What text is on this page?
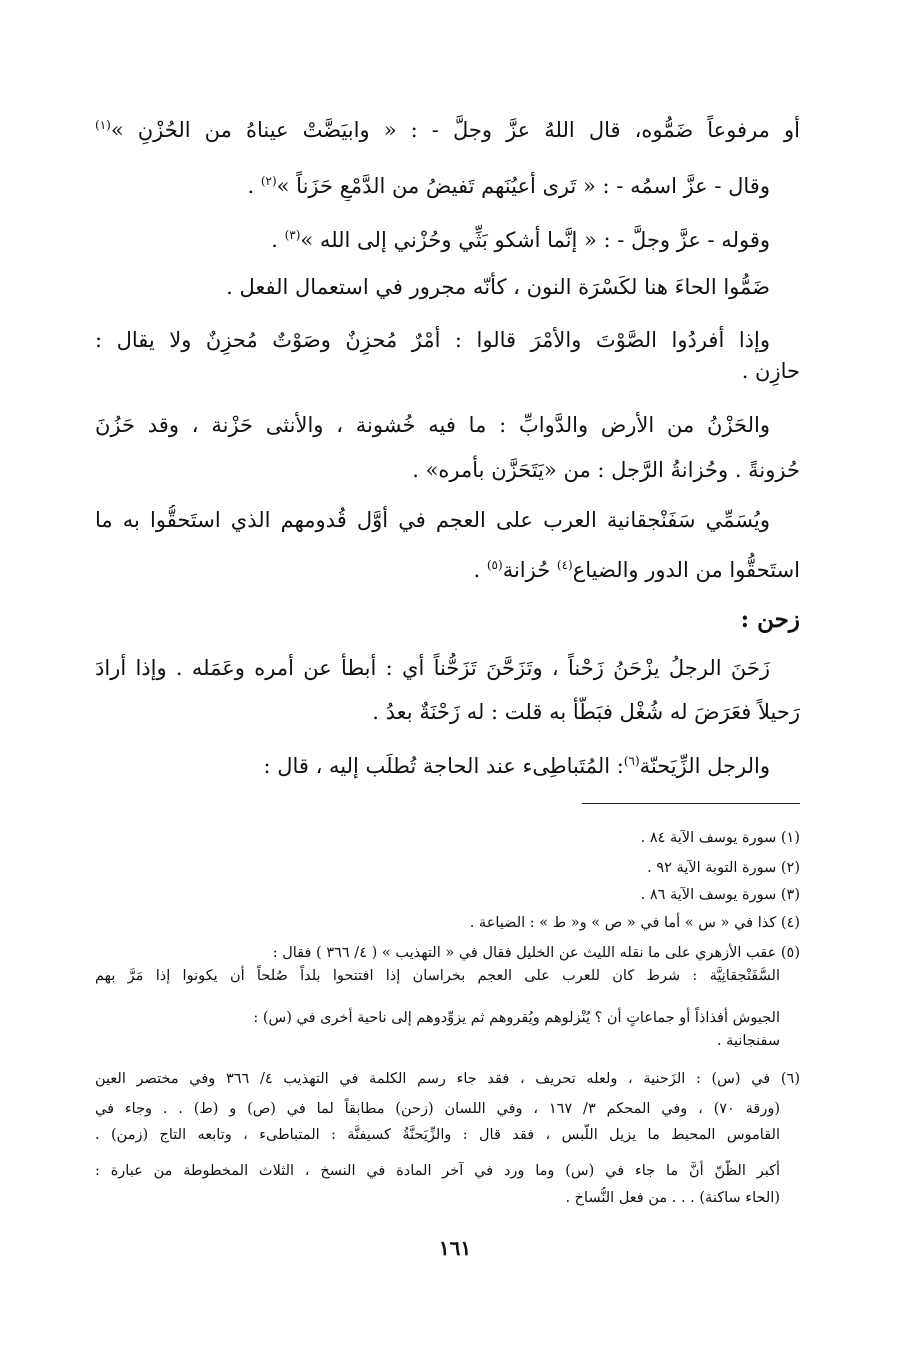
أو مرفوعاً ضَمُّوه، قال اللهُ عزَّ وجلَّ - : « وابيَضَّتْ عيناهُ من الحُزْنِ »$^{(١)}$
وقال - عزَّ اسمُه - : « تَرى أعيُنَهم تَفيضُ من الدَّمْعِ حَزَناً »$^{(٢)}$ .
وقوله - عزَّ وجلَّ - : « إنَّما أشكو بَثِّي وحُزْني إلى الله »$^{(٣)}$ .
ضَمُّوا الحاءَ هنا لكَسْرَة النون ، كأنّه مجرور في استعمال الفعل .
وإذا أفردُوا الصَّوْتَ والأمْرَ قالوا : أمْرٌ مُحزِنٌ وصَوْتٌ مُحزِنٌ ولا يقال :
حازِن .
والحَزْنُ من الأرض والدَّوابِّ : ما فيه خُشونة ، والأنثى حَزْنة ، وقد حَزُنَ
حُزونةً . وحُزانةُ الرَّجل : من «يَتَحَزَّن بأمره» .
ويُسَمِّي سَفَنْجقانية العرب على العجم في أوَّل قُدومهم الذي استَحقُّوا به ما
استَحقُّوا من الدور والضياع$^{(٤)}$ حُزانة$^{(٥)}$ .
زحن :
زَحَنَ الرجلُ يزْحَنُ زَحْناً ، وتَزَحَّنَ تَزَحُّناً أي : أبطأ عن أمره وعَمَله . وإذا أرادَ
رَحيلاً فعَرَضَ له شُغْل فبَطَّأ به قلت : له زَحْنَةٌ بعدُ .
والرجل الزِّيَحنّة$^{(٦)}$: المُتَباطِىء عند الحاجة تُطلَب إليه ، قال :
(١) سورة يوسف الآية ٨٤ .
(٢) سورة التوبة الآية ٩٢ .
(٣) سورة يوسف الآية ٨٦ .
(٤) كذا في « س » أما في « ص » و« ط » : الضياعة .
(٥) عقب الأزهري على ما نقله الليث عن الخليل فقال في « التهذيب » ( ٤/ ٣٦٦ ) فقال :
السَّفَنْجقانِيَّة : شرط كان للعرب على العجم بخراسان إذا افتتحوا بلداً صُلحاً أن يكونوا إذا مَرَّ بهم
الجيوش أفذاذاً أو جماعاتٍ أن ؟ يُنْزلوهم ويُقروهم ثم يزوِّدوهم إلى ناحية أخرى في (س) :
سفنجانية .
(٦) في (س) : الزَحنية ، ولعله تحريف ، فقد جاء رسم الكلمة في التهذيب ٤/ ٣٦٦ وفي مختصر العين
(ورقة ٧٠) ، وفي المحكم ٣/ ١٦٧ ، وفي اللسان (زحن) مطابقاً لما في (ص) و (ط) . . وجاء في
القاموس المحيط ما يزيل اللَّبس ، فقد قال : والزِّيَحنَّةُ كسيفنَّة : المتباطىء ، وتابعه التاج (زمن) .
أكبر الظَّنّ أنَّ ما جاء في (س) وما ورد في آخر المادة في النسخ ، الثلاث المخطوطة من عبارة :
(الحاء ساكنة) . . . من فعل النُّساخ .
١٦١
